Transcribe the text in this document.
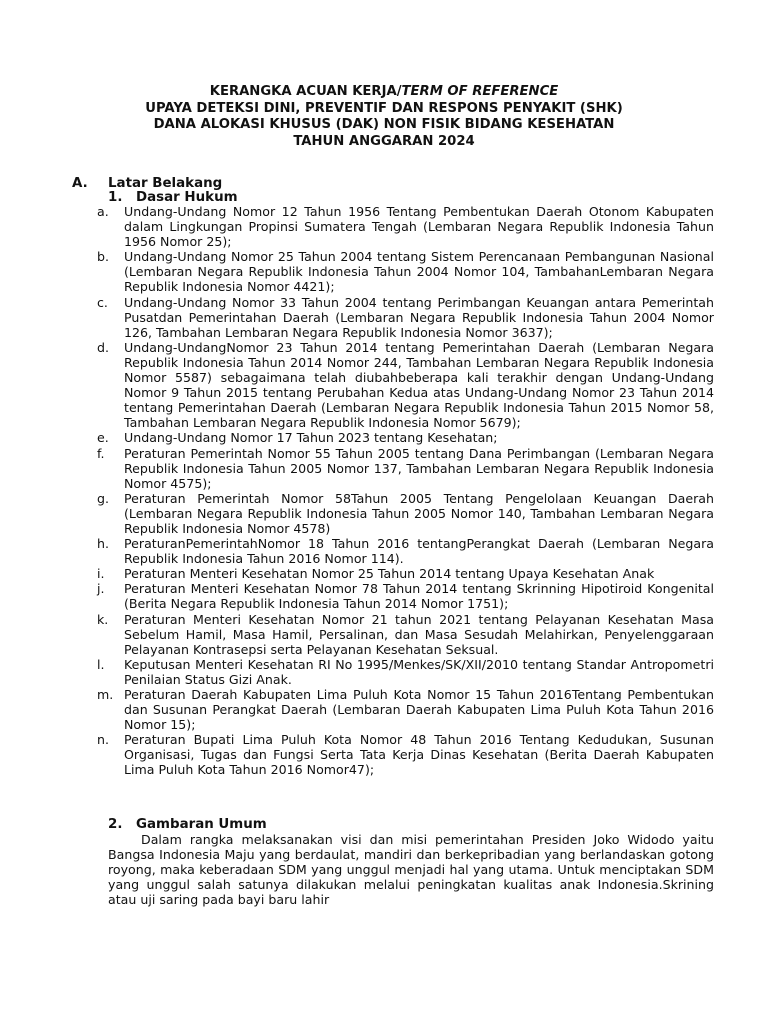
KERANGKA ACUAN KERJA/TERM OF REFERENCE
UPAYA DETEKSI DINI, PREVENTIF DAN RESPONS PENYAKIT (SHK)
DANA ALOKASI KHUSUS (DAK) NON FISIK BIDANG KESEHATAN
TAHUN ANGGARAN 2024
A. Latar Belakang
1. Dasar Hukum
a. Undang-Undang Nomor 12 Tahun 1956 Tentang Pembentukan Daerah Otonom Kabupaten dalam Lingkungan Propinsi Sumatera Tengah (Lembaran Negara Republik Indonesia Tahun 1956 Nomor 25);
b. Undang-Undang Nomor 25 Tahun 2004 tentang Sistem Perencanaan Pembangunan Nasional (Lembaran Negara Republik Indonesia Tahun 2004 Nomor 104, TambahanLembaran Negara Republik Indonesia Nomor 4421);
c. Undang-Undang Nomor 33 Tahun 2004 tentang Perimbangan Keuangan antara Pemerintah Pusatdan Pemerintahan Daerah (Lembaran Negara Republik Indonesia Tahun 2004 Nomor 126, Tambahan Lembaran Negara Republik Indonesia Nomor 3637);
d. Undang-UndangNomor 23 Tahun 2014 tentang Pemerintahan Daerah (Lembaran Negara Republik Indonesia Tahun 2014 Nomor 244, Tambahan Lembaran Negara Republik Indonesia Nomor 5587) sebagaimana telah diubahbeberapa kali terakhir dengan Undang-Undang Nomor 9 Tahun 2015 tentang Perubahan Kedua atas Undang-Undang Nomor 23 Tahun 2014 tentang Pemerintahan Daerah (Lembaran Negara Republik Indonesia Tahun 2015 Nomor 58, Tambahan Lembaran Negara Republik Indonesia Nomor 5679);
e. Undang-Undang Nomor 17 Tahun 2023 tentang Kesehatan;
f. Peraturan Pemerintah Nomor 55 Tahun 2005 tentang Dana Perimbangan (Lembaran Negara Republik Indonesia Tahun 2005 Nomor 137, Tambahan Lembaran Negara Republik Indonesia Nomor 4575);
g. Peraturan Pemerintah Nomor 58Tahun 2005 Tentang Pengelolaan Keuangan Daerah (Lembaran Negara Republik Indonesia Tahun 2005 Nomor 140, Tambahan Lembaran Negara Republik Indonesia Nomor 4578)
h. PeraturanPemerintahNomor 18 Tahun 2016 tentangPerangkat Daerah (Lembaran Negara Republik Indonesia Tahun 2016 Nomor 114).
i. Peraturan Menteri Kesehatan Nomor 25 Tahun 2014 tentang Upaya Kesehatan Anak
j. Peraturan Menteri Kesehatan Nomor 78 Tahun 2014 tentang Skrinning Hipotiroid Kongenital (Berita Negara Republik Indonesia Tahun 2014 Nomor 1751);
k. Peraturan Menteri Kesehatan Nomor 21 tahun 2021 tentang Pelayanan Kesehatan Masa Sebelum Hamil, Masa Hamil, Persalinan, dan Masa Sesudah Melahirkan, Penyelenggaraan Pelayanan Kontrasepsi serta Pelayanan Kesehatan Seksual.
l. Keputusan Menteri Kesehatan RI No 1995/Menkes/SK/XII/2010 tentang Standar Antropometri Penilaian Status Gizi Anak.
m. Peraturan Daerah Kabupaten Lima Puluh Kota Nomor 15 Tahun 2016Tentang Pembentukan dan Susunan Perangkat Daerah (Lembaran Daerah Kabupaten Lima Puluh Kota Tahun 2016 Nomor 15);
n. Peraturan Bupati Lima Puluh Kota Nomor 48 Tahun 2016 Tentang Kedudukan, Susunan Organisasi, Tugas dan Fungsi Serta Tata Kerja Dinas Kesehatan (Berita Daerah Kabupaten Lima Puluh Kota Tahun 2016 Nomor47);
2. Gambaran Umum

Dalam rangka melaksanakan visi dan misi pemerintahan Presiden Joko Widodo yaitu Bangsa Indonesia Maju yang berdaulat, mandiri dan berkepribadian yang berlandaskan gotong royong, maka keberadaan SDM yang unggul menjadi hal yang utama. Untuk menciptakan SDM yang unggul salah satunya dilakukan melalui peningkatan kualitas anak Indonesia.Skrining atau uji saring pada bayi baru lahir
